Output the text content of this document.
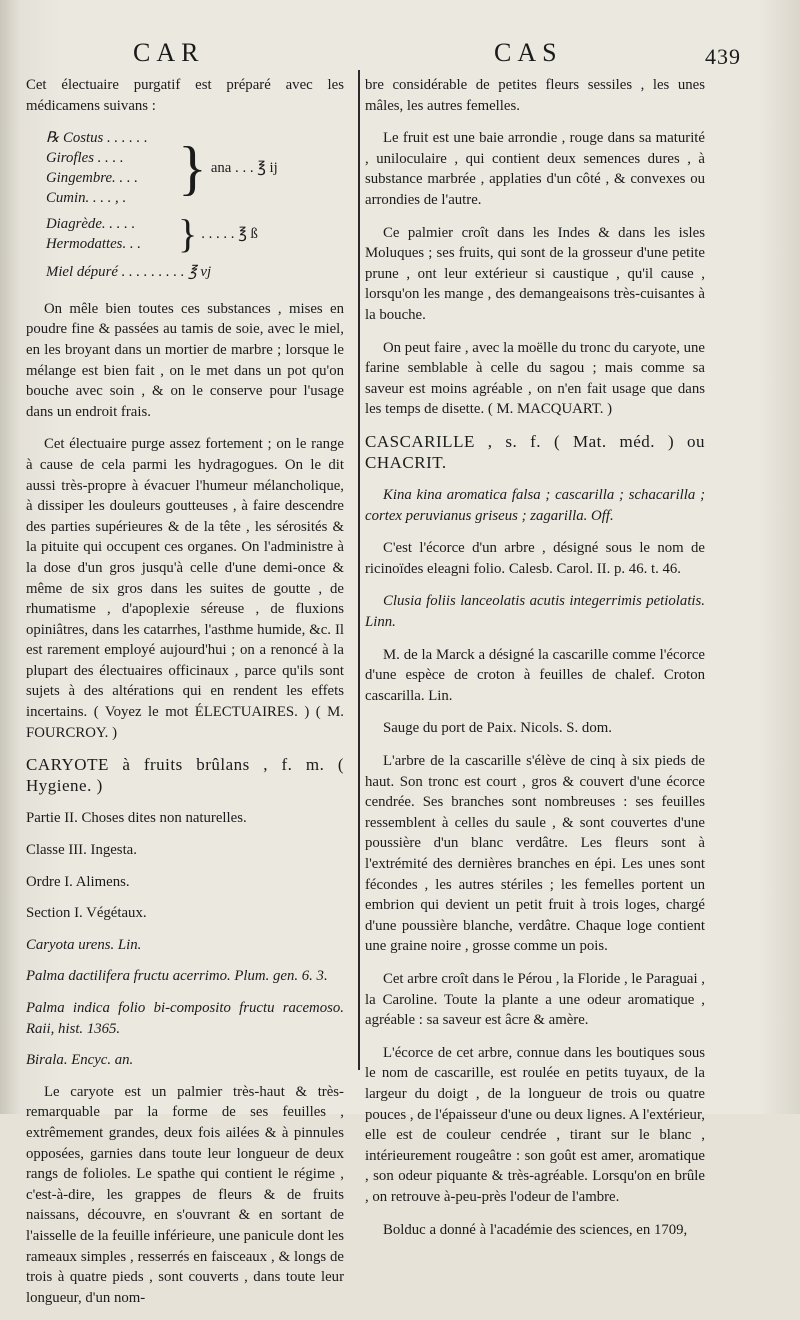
CAR	CAS	439

Cet électuaire purgatif est préparé avec les médicamens suivans :

℞ Costus . . . . . .
Girofles . . . .
Gingembre. . . .
Cumin. . . . , . } ana . . . ℥ ij
Diagrède. . . . .
Hermodattes. . . } . . . . . ℥ ß

Miel dépuré . . . . . . . . . ℥ vj

On mêle bien toutes ces substances , mises en poudre fine & passées au tamis de soie, avec le miel, en les broyant dans un mortier de marbre ; lorsque le mélange est bien fait , on le met dans un pot qu'on bouche avec soin , & on le conserve pour l'usage dans un endroit frais.

Cet électuaire purge assez fortement ; on le range à cause de cela parmi les hydragogues. On le dit aussi très-propre à évacuer l'humeur mélancholique, à dissiper les douleurs goutteuses , à faire descendre des parties supérieures & de la tête , les sérosités & la pituite qui occupent ces organes. On l'administre à la dose d'un gros jusqu'à celle d'une demi-once & même de six gros dans les suites de goutte , de rhumatisme , d'apoplexie séreuse , de fluxions opiniâtres, dans les catarrhes, l'asthme humide, &c. Il est rarement employé aujourd'hui ; on a renoncé à la plupart des électuaires officinaux , parce qu'ils sont sujets à des altérations qui en rendent les effets incertains. ( Voyez le mot ÉLECTUAIRES. ) ( M. FOURCROY. )

CARYOTE à fruits brûlans , f. m. ( Hygiene. )

Partie II. Choses dites non naturelles.

Classe III. Ingesta.

Ordre I. Alimens.

Section I. Végétaux.

Caryota urens. Lin.

Palma dactilifera fructu acerrimo. Plum. gen. 6. 3.

Palma indica folio bi-composito fructu racemoso. Raii, hist. 1365.

Birala. Encyc. an.

Le caryote est un palmier très-haut & très-remarquable par la forme de ses feuilles , extrêmement grandes, deux fois ailées & à pinnules opposées, garnies dans toute leur longueur de deux rangs de folioles. Le spathe qui contient le régime , c'est-à-dire, les grappes de fleurs & de fruits naissans, découvre, en s'ouvrant & en sortant de l'aisselle de la feuille inférieure, une panicule dont les rameaux simples , resserrés en faisceaux , & longs de trois à quatre pieds , sont couverts , dans toute leur longueur, d'un nom-

bre considérable de petites fleurs sessiles , les unes mâles, les autres femelles.

Le fruit est une baie arrondie , rouge dans sa maturité , uniloculaire , qui contient deux semences dures , à substance marbrée , applaties d'un côté , & convexes ou arrondies de l'autre.

Ce palmier croît dans les Indes & dans les isles Moluques ; ses fruits, qui sont de la grosseur d'une petite prune , ont leur extérieur si caustique , qu'il cause , lorsqu'on les mange , des demangeaisons très-cuisantes à la bouche.

On peut faire , avec la moëlle du tronc du caryote, une farine semblable à celle du sagou ; mais comme sa saveur est moins agréable , on n'en fait usage que dans les temps de disette. ( M. MACQUART. )

CASCARILLE , s. f. ( Mat. méd. ) ou CHACRIT.

Kina kina aromatica falsa ; cascarilla ; schacarilla ; cortex peruvianus griseus ; zagarilla. Off.

C'est l'écorce d'un arbre , désigné sous le nom de ricinoïdes eleagni folio. Calesb. Carol. II. p. 46. t. 46.

Clusia foliis lanceolatis acutis integerrimis petiolatis. Linn.

M. de la Marck a désigné la cascarille comme l'écorce d'une espèce de croton à feuilles de chalef. Croton cascarilla. Lin.

Sauge du port de Paix. Nicols. S. dom.

L'arbre de la cascarille s'élève de cinq à six pieds de haut. Son tronc est court , gros & couvert d'une écorce cendrée. Ses branches sont nombreuses : ses feuilles ressemblent à celles du saule , & sont couvertes d'une poussière d'un blanc verdâtre. Les fleurs sont à l'extrémité des dernières branches en épi. Les unes sont fécondes , les autres stériles ; les femelles portent un embrion qui devient un petit fruit à trois loges, chargé d'une poussière blanche, verdâtre. Chaque loge contient une graine noire , grosse comme un pois.

Cet arbre croît dans le Pérou , la Floride , le Paraguai , la Caroline. Toute la plante a une odeur aromatique , agréable : sa saveur est âcre & amère.

L'écorce de cet arbre, connue dans les boutiques sous le nom de cascarille, est roulée en petits tuyaux, de la largeur du doigt , de la longueur de trois ou quatre pouces , de l'épaisseur d'une ou deux lignes. A l'extérieur, elle est de couleur cendrée , tirant sur le blanc , intérieurement rougeâtre : son goût est amer, aromatique , son odeur piquante & très-agréable. Lorsqu'on en brûle , on retrouve à-peu-près l'odeur de l'ambre.

Bolduc a donné à l'académie des sciences, en 1709,
